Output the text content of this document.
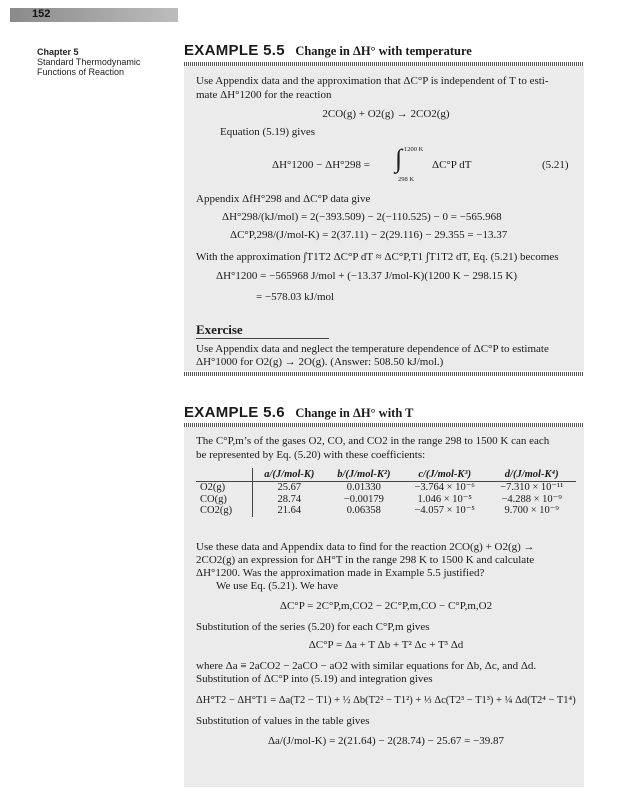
152
Chapter 5
Standard Thermodynamic
Functions of Reaction
EXAMPLE 5.5 Change in ΔH° with temperature
Use Appendix data and the approximation that ΔC°P is independent of T to esti-
mate ΔH°1200 for the reaction
2CO(g) + O2(g) → 2CO2(g)
Equation (5.19) gives
ΔH°1200 − ΔH°298 = ∫ 1200 K
298 K
ΔC°P dT	(5.21)
Appendix ΔfH°298 and ΔC°P data give
ΔH°298/(kJ/mol) = 2(−393.509) − 2(−110.525) − 0 = −565.968
ΔC°P,298/(J/mol-K) = 2(37.11) − 2(29.116) − 29.355 = −13.37
With the approximation ∫T1T2 ΔC°P dT ≈ ΔC°P,T1 ∫T1T2 dT, Eq. (5.21) becomes
ΔH°1200 = −565968 J/mol + (−13.37 J/mol-K)(1200 K − 298.15 K)
= −578.03 kJ/mol
Exercise
Use Appendix data and neglect the temperature dependence of ΔC°P to estimate
ΔH°1000 for O2(g) → 2O(g). (Answer: 508.50 kJ/mol.)
EXAMPLE 5.6 Change in ΔH° with T
The C°P,m’s of the gases O2, CO, and CO2 in the range 298 to 1500 K can each
be represented by Eq. (5.20) with these coefficients:
	a/(J/mol-K)	b/(J/mol-K²)	c/(J/mol-K³)	d/(J/mol-K⁴)
O2(g)	25.67	0.01330	−3.764 × 10⁻⁶	−7.310 × 10⁻¹¹
CO(g)	28.74	−0.00179	1.046 × 10⁻⁵	−4.288 × 10⁻⁹
CO2(g)	21.64	0.06358	−4.057 × 10⁻⁵	9.700 × 10⁻⁹
Use these data and Appendix data to find for the reaction 2CO(g) + O2(g) →
2CO2(g) an expression for ΔH°T in the range 298 K to 1500 K and calculate
ΔH°1200. Was the approximation made in Example 5.5 justified?
We use Eq. (5.21). We have
ΔC°P = 2C°P,m,CO2 − 2C°P,m,CO − C°P,m,O2
Substitution of the series (5.20) for each C°P,m gives
ΔC°P = Δa + T Δb + T² Δc + T³ Δd
where Δa ≡ 2aCO2 − 2aCO − aO2 with similar equations for Δb, Δc, and Δd.
Substitution of ΔC°P into (5.19) and integration gives
ΔH°T2 − ΔH°T1 = Δa(T2 − T1) + ½ Δb(T2² − T1²) + ⅓ Δc(T2³ − T1³) + ¼ Δd(T2⁴ − T1⁴)
Substitution of values in the table gives
Δa/(J/mol-K) = 2(21.64) − 2(28.74) − 25.67 = −39.87
